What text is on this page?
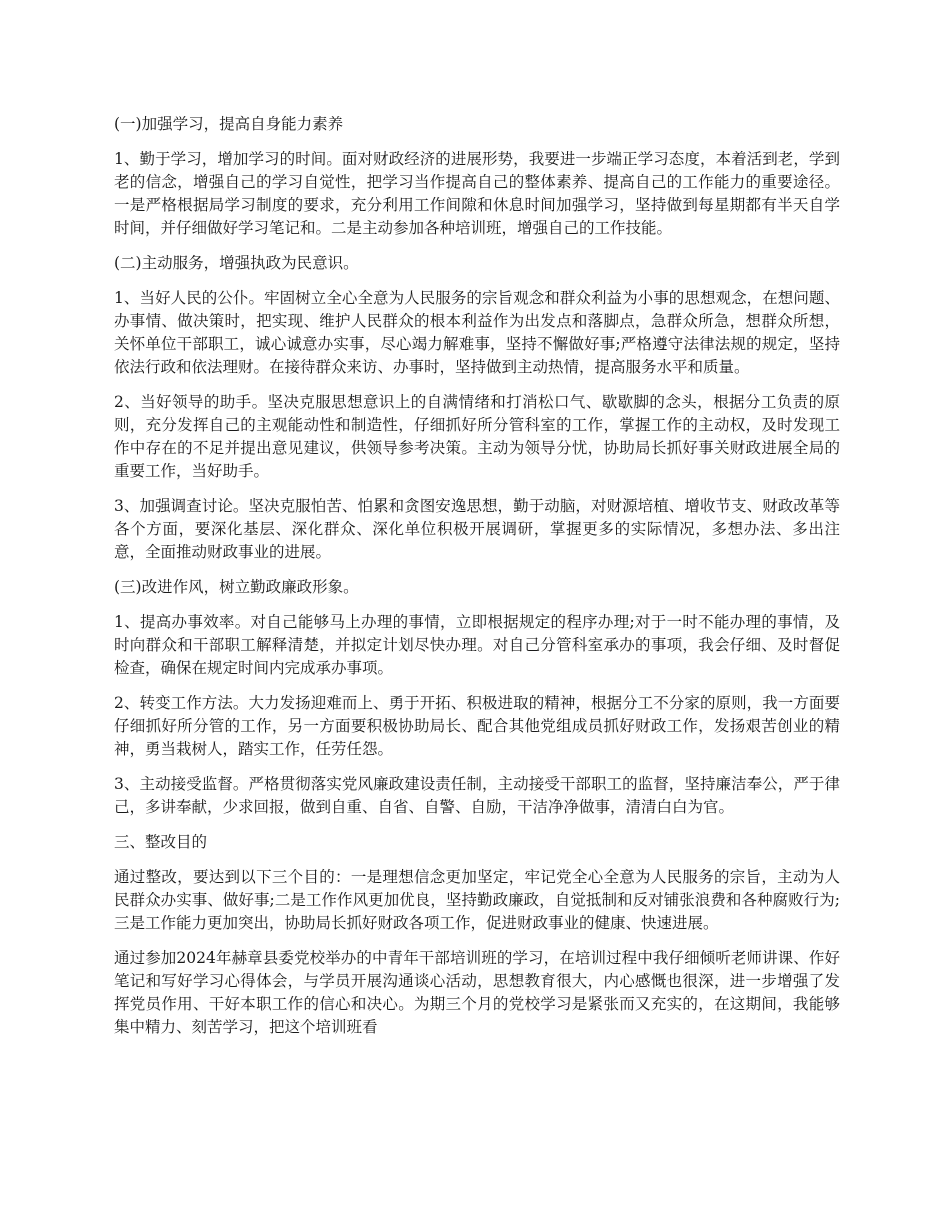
(一)加强学习，提高自身能力素养

1、勤于学习，增加学习的时间。面对财政经济的进展形势，我要进一步端正学习态度，本着活到老，学到老的信念，增强自己的学习自觉性，把学习当作提高自己的整体素养、提高自己的工作能力的重要途径。一是严格根据局学习制度的要求，充分利用工作间隙和休息时间加强学习，坚持做到每星期都有半天自学时间，并仔细做好学习笔记和。二是主动参加各种培训班，增强自己的工作技能。

(二)主动服务，增强执政为民意识。

1、当好人民的公仆。牢固树立全心全意为人民服务的宗旨观念和群众利益为小事的思想观念，在想问题、办事情、做决策时，把实现、维护人民群众的根本利益作为出发点和落脚点，急群众所急，想群众所想，关怀单位干部职工，诚心诚意办实事，尽心竭力解难事，坚持不懈做好事;严格遵守法律法规的规定，坚持依法行政和依法理财。在接待群众来访、办事时，坚持做到主动热情，提高服务水平和质量。

2、当好领导的助手。坚决克服思想意识上的自满情绪和打消松口气、歇歇脚的念头，根据分工负责的原则，充分发挥自己的主观能动性和制造性，仔细抓好所分管科室的工作，掌握工作的主动权，及时发现工作中存在的不足并提出意见建议，供领导参考决策。主动为领导分忧，协助局长抓好事关财政进展全局的重要工作，当好助手。

3、加强调查讨论。坚决克服怕苦、怕累和贪图安逸思想，勤于动脑，对财源培植、增收节支、财政改革等各个方面，要深化基层、深化群众、深化单位积极开展调研，掌握更多的实际情况，多想办法、多出注意，全面推动财政事业的进展。

(三)改进作风，树立勤政廉政形象。

1、提高办事效率。对自己能够马上办理的事情，立即根据规定的程序办理;对于一时不能办理的事情，及时向群众和干部职工解释清楚，并拟定计划尽快办理。对自己分管科室承办的事项，我会仔细、及时督促检查，确保在规定时间内完成承办事项。

2、转变工作方法。大力发扬迎难而上、勇于开拓、积极进取的精神，根据分工不分家的原则，我一方面要仔细抓好所分管的工作，另一方面要积极协助局长、配合其他党组成员抓好财政工作，发扬艰苦创业的精神，勇当栽树人，踏实工作，任劳任怨。

3、主动接受监督。严格贯彻落实党风廉政建设责任制，主动接受干部职工的监督，坚持廉洁奉公，严于律己，多讲奉献，少求回报，做到自重、自省、自警、自励，干洁净净做事，清清白白为官。

三、整改目的

通过整改，要达到以下三个目的：一是理想信念更加坚定，牢记党全心全意为人民服务的宗旨，主动为人民群众办实事、做好事;二是工作作风更加优良，坚持勤政廉政，自觉抵制和反对铺张浪费和各种腐败行为;三是工作能力更加突出，协助局长抓好财政各项工作，促进财政事业的健康、快速进展。

通过参加2024年赫章县委党校举办的中青年干部培训班的学习，在培训过程中我仔细倾听老师讲课、作好笔记和写好学习心得体会，与学员开展沟通谈心活动，思想教育很大，内心感慨也很深，进一步增强了发挥党员作用、干好本职工作的信心和决心。为期三个月的党校学习是紧张而又充实的，在这期间，我能够集中精力、刻苦学习，把这个培训班看
